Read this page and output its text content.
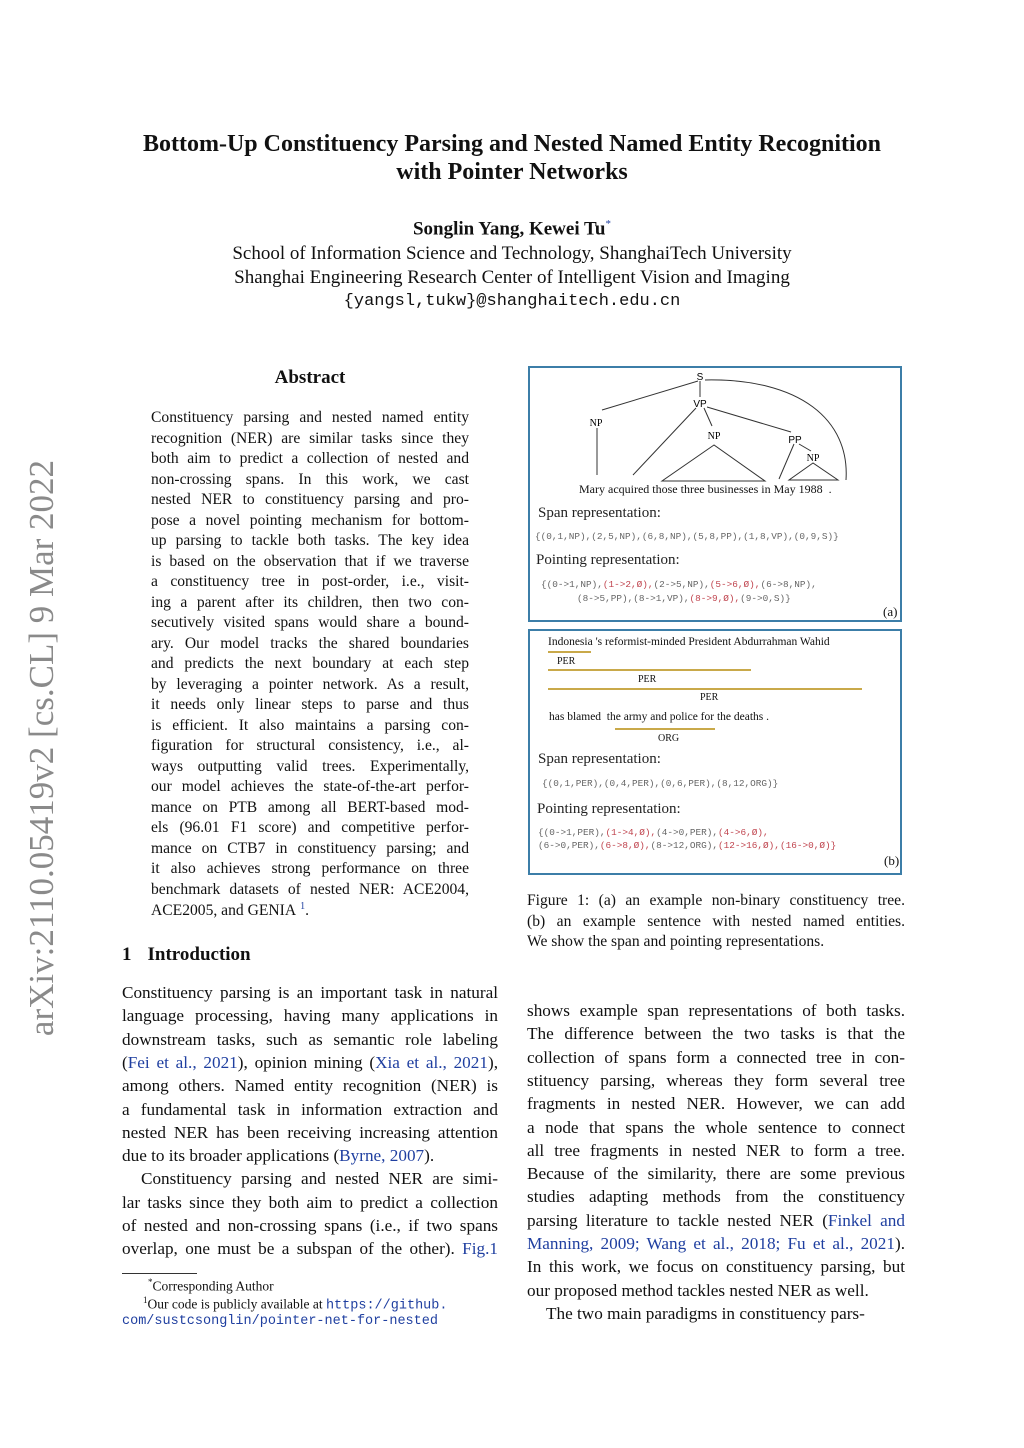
arXiv:2110.05419v2 [cs.CL] 9 Mar 2022
Bottom-Up Constituency Parsing and Nested Named Entity Recognition
with Pointer Networks
Songlin Yang, Kewei Tu*
School of Information Science and Technology, ShanghaiTech University
Shanghai Engineering Research Center of Intelligent Vision and Imaging
{yangsl,tukw}@shanghaitech.edu.cn
Abstract
Constituency parsing and nested named entity
recognition (NER) are similar tasks since they
both aim to predict a collection of nested and
non-crossing spans. In this work, we cast
nested NER to constituency parsing and pro-
pose a novel pointing mechanism for bottom-
up parsing to tackle both tasks. The key idea
is based on the observation that if we traverse
a constituency tree in post-order, i.e., visit-
ing a parent after its children, then two con-
secutively visited spans would share a bound-
ary. Our model tracks the shared boundaries
and predicts the next boundary at each step
by leveraging a pointer network. As a result,
it needs only linear steps to parse and thus
is efficient. It also maintains a parsing con-
figuration for structural consistency, i.e., al-
ways outputting valid trees. Experimentally,
our model achieves the state-of-the-art perfor-
mance on PTB among all BERT-based mod-
els (96.01 F1 score) and competitive perfor-
mance on CTB7 in constituency parsing; and
it also achieves strong performance on three
benchmark datasets of nested NER: ACE2004,
ACE2005, and GENIA $^1$.
1 Introduction
Constituency parsing is an important task in natural
language processing, having many applications in
downstream tasks, such as semantic role labeling
(Fei et al., 2021), opinion mining (Xia et al., 2021),
among others. Named entity recognition (NER) is
a fundamental task in information extraction and
nested NER has been receiving increasing attention
due to its broader applications (Byrne, 2007).
Constituency parsing and nested NER are simi-
lar tasks since they both aim to predict a collection
of nested and non-crossing spans (i.e., if two spans
overlap, one must be a subspan of the other). Fig.1
*Corresponding Author
$^1$Our code is publicly available at https://github.
com/sustcsonglin/pointer-net-for-nested
S
VP
NP
NP	PP
NP
Mary acquired those three businesses in May 1988  .
Span representation:
{(0,1,NP),(2,5,NP),(6,8,NP),(5,8,PP),(1,8,VP),(0,9,S)}
Pointing representation:
{(0->1,NP),(1->2,Ø),(2->5,NP),(5->6,Ø),(6->8,NP),
(8->5,PP),(8->1,VP),(8->9,Ø),(9->0,S)}
(a)
Indonesia 's reformist-minded President Abdurrahman Wahid
PER
PER
PER
has blamed  the army and police for the deaths .
ORG
Span representation:
{(0,1,PER),(0,4,PER),(0,6,PER),(8,12,ORG)}
Pointing representation:
{(0->1,PER),(1->4,Ø),(4->0,PER),(4->6,Ø),
(6->0,PER),(6->8,Ø),(8->12,ORG),(12->16,Ø),(16->0,Ø)}
(b)
Figure 1: (a) an example non-binary constituency tree.
(b) an example sentence with nested named entities.
We show the span and pointing representations.
shows example span representations of both tasks.
The difference between the two tasks is that the
collection of spans form a connected tree in con-
stituency parsing, whereas they form several tree
fragments in nested NER. However, we can add
a node that spans the whole sentence to connect
all tree fragments in nested NER to form a tree.
Because of the similarity, there are some previous
studies adapting methods from the constituency
parsing literature to tackle nested NER (Finkel and
Manning, 2009; Wang et al., 2018; Fu et al., 2021).
In this work, we focus on constituency parsing, but
our proposed method tackles nested NER as well.
The two main paradigms in constituency pars-
